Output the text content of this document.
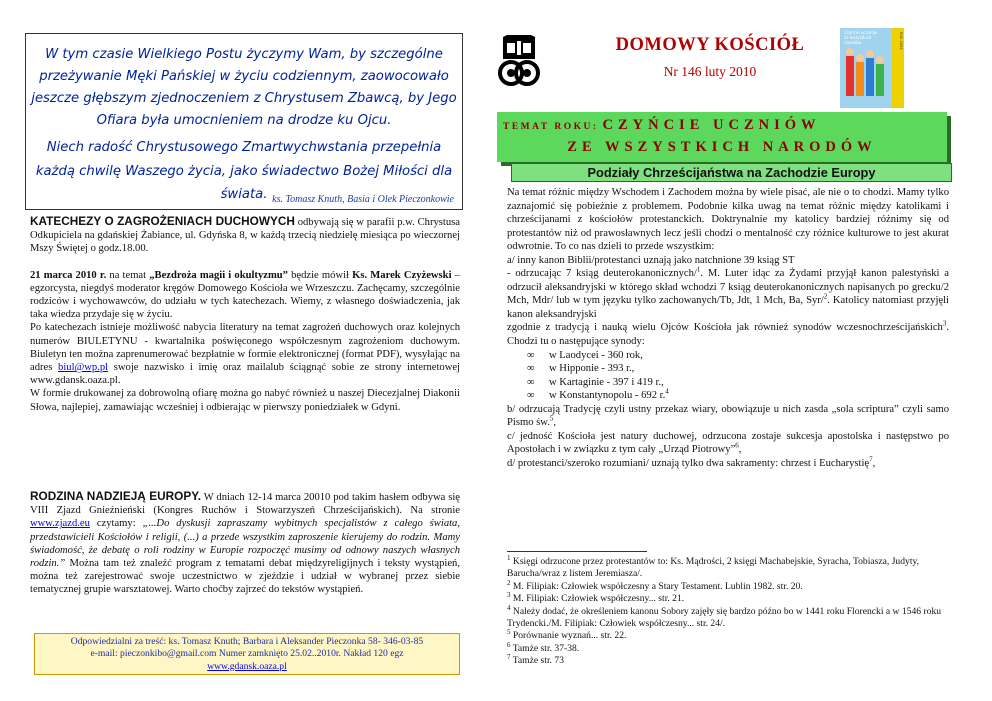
W tym czasie Wielkiego Postu życzymy Wam, by szczególne przeżywanie Męki Pańskiej w życiu codziennym, zaowocowało jeszcze głębszym zjednoczeniem z Chrystusem Zbawcą, by Jego Ofiara była umocnieniem na drodze ku Ojcu.

Niech radość Chrystusowego Zmartwychwstania przepełnia każdą chwilę Waszego życia, jako świadectwo Bożej Miłości dla świata. ks. Tomasz Knuth, Basia i Olek Pieczonkowie

KATECHEZY O ZAGROŻENIACH DUCHOWYCH odbywają się w parafii p.w. Chrystusa Odkupiciela na gdańskiej Żabiance, ul. Gdyńska 8, w każdą trzecią niedzielę miesiąca po wieczornej Mszy Świętej o godz.18.00.

21 marca 2010 r. na temat „Bezdroża magii i okultyzmu” będzie mówił Ks. Marek Czyżewski – egzorcysta, niegdyś moderator kręgów Domowego Kościoła we Wrzeszczu. Zachęcamy, szczególnie rodziców i wychowawców, do udziału w tych katechezach. Wiemy, z własnego doświadczenia, jak taka wiedza przydaje się w życiu.

Po katechezach istnieje możliwość nabycia literatury na temat zagrożeń duchowych oraz kolejnych numerów BIULETYNU - kwartalnika poświęconego współczesnym zagrożeniom duchowym. Biuletyn ten można zaprenumerować bezpłatnie w formie elektronicznej (format PDF), wysyłając na adres biul@wp.pl swoje nazwisko i imię oraz mailalub ściągnąć sobie ze strony internetowej www.gdansk.oaza.pl.

W formie drukowanej za dobrowolną ofiarę można go nabyć również u naszej Diecezjalnej Diakonii Słowa, najlepiej, zamawiając wcześniej i odbierając w pierwszy poniedziałek w Gdyni.

RODZINA NADZIEJĄ EUROPY. W dniach 12-14 marca 20010 pod takim hasłem odbywa się VIII Zjazd Gnieźnieński (Kongres Ruchów i Stowarzyszeń Chrześcijańskich). Na stronie www.zjazd.eu czytamy: „...Do dyskusji zapraszamy wybitnych specjalistów z całego świata, przedstawicieli Kościołów i religii, (...) a przede wszystkim zaproszenie kierujemy do rodzin. Mamy świadomość, że debatę o roli rodziny w Europie rozpoczęć musimy od odnowy naszych własnych rodzin.” Można tam też znaleźć program z tematami debat międzyreligijnych i teksty wystąpień, można też zarejestrować swoje uczestnictwo w zjeździe i udział w wybranej przez siebie tematycznej grupie warsztatowej. Warto choćby zajrzeć do tekstów wystąpień.

Odpowiedzialni za treść: ks. Tomasz Knuth; Barbara i Aleksander Pieczonka 58- 346-03-85
e-mail: pieczonkibo@gmail.com Numer zamknięto 25.02..2010r. Nakład 120 egz
www.gdansk.oaza.pl
DOMOWY KOŚCIÓŁ
Nr 146 luty 2010
Czyńcie uczniów
ze wszystkich
narodów	ROK 2009
TEMAT ROKU: CZYŃCIE UCZNIÓW
ZE WSZYSTKICH NARODÓW
Podziały Chrześcijaństwa na Zachodzie Europy

Na temat różnic między Wschodem i Zachodem można by wiele pisać, ale nie o to chodzi. Mamy tylko zaznajomić się pobieżnie z problemem. Podobnie kilka uwag na temat różnic między katolikami i chrześcijanami z kościołów protestanckich. Doktrynalnie my katolicy bardziej różnimy się od protestantów niż od prawosławnych lecz jeśli chodzi o mentalność czy różnice kulturowe to jest akurat odwrotnie. To co nas dzieli to przede wszystkim:

a/ inny kanon Biblii/protestanci uznają jako natchnione 39 ksiąg ST

- odrzucając 7 ksiąg deuterokanonicznych/$^1$. M. Luter idąc za Żydami przyjął kanon palestyński a odrzucił aleksandryjski w którego skład wchodzi 7 ksiąg deuterokanonicznych napisanych po grecku/2 Mch, Mdr/ lub w tym języku tylko zachowanych/Tb, Jdt, 1 Mch, Ba, Syr/$^2$. Katolicy natomiast przyjęli kanon aleksandryjski

zgodnie z tradycją i nauką wielu Ojców Kościoła jak również synodów wczesnochrześcijańskich$^3$. Chodzi tu o następujące synody:

∞ w Laodycei - 360 rok,

∞ w Hipponie - 393 r.,

∞ w Kartaginie - 397 i 419 r.,

∞ w Konstantynopolu - 692 r.$^4$

b/ odrzucają Tradycję czyli ustny przekaz wiary, obowiązuje u nich zasda „sola scriptura” czyli samo Pismo św.$^5$,

c/ jedność Kościoła jest natury duchowej, odrzucona zostaje sukcesja apostolska i następstwo po Apostołach i w związku z tym cały „Urząd Piotrowy”$^6$,

d/ protestanci/szeroko rozumiani/ uznają tylko dwa sakramenty: chrzest i Eucharystię$^7$,

$^1$ Księgi odrzucone przez protestantów to: Ks. Mądrości, 2 księgi Machabejskie, Syracha, Tobiasza, Judyty, Barucha/wraz z listem Jeremiasza/.

$^2$ M. Filipiak: Człowiek współczesny a Stary Testament. Lublin 1982. str. 20.

$^3$ M. Filipiak: Człowiek współczesny... str. 21.

$^4$ Należy dodać, że określeniem kanonu Sobory zajęły się bardzo późno bo w 1441 roku Florencki a w 1546 roku Trydencki./M. Filipiak: Człowiek współczesny... str. 24/.

$^5$ Porównanie wyznań... str. 22.

$^6$ Tamże str. 37-38.

$^7$ Tamże str. 73
